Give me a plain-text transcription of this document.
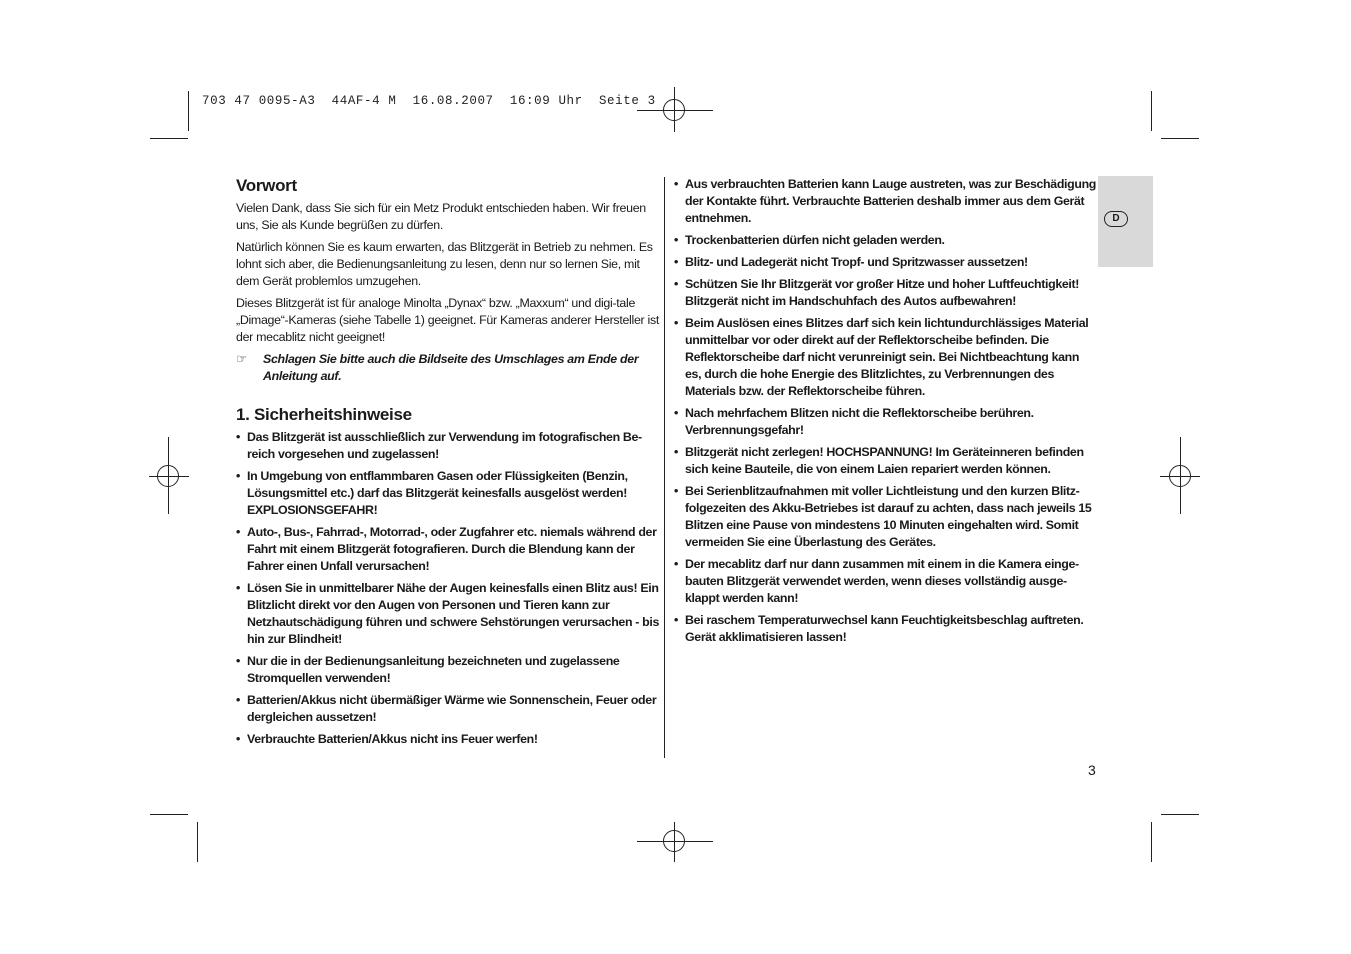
703 47 0095-A3  44AF-4 M  16.08.2007  16:09 Uhr  Seite 3
D
Vorwort

Vielen Dank, dass Sie sich für ein Metz Produkt entschieden haben. Wir freuen uns, Sie als Kunde begrüßen zu dürfen.

Natürlich können Sie es kaum erwarten, das Blitzgerät in Betrieb zu nehmen. Es lohnt sich aber, die Bedienungsanleitung zu lesen, denn nur so lernen Sie, mit dem Gerät problemlos umzugehen.

Dieses Blitzgerät ist für analoge Minolta „Dynax“ bzw. „Maxxum“ und digi-tale „Dimage“-Kameras (siehe Tabelle 1) geeignet. Für Kameras anderer Hersteller ist der mecablitz nicht geeignet!

☞	Schlagen Sie bitte auch die Bildseite des Umschlages am Ende der Anleitung auf.
1. Sicherheitshinweise
• Das Blitzgerät ist ausschließlich zur Verwendung im fotografischen Be-reich vorgesehen und zugelassen!
• In Umgebung von entflammbaren Gasen oder Flüssigkeiten (Benzin, Lösungsmittel etc.) darf das Blitzgerät keinesfalls ausgelöst werden! EXPLOSIONSGEFAHR!
• Auto-, Bus-, Fahrrad-, Motorrad-, oder Zugfahrer etc. niemals während der Fahrt mit einem Blitzgerät fotografieren. Durch die Blendung kann der Fahrer einen Unfall verursachen!
• Lösen Sie in unmittelbarer Nähe der Augen keinesfalls einen Blitz aus! Ein Blitzlicht direkt vor den Augen von Personen und Tieren kann zur Netzhautschädigung führen und schwere Sehstörungen verursachen - bis hin zur Blindheit!
• Nur die in der Bedienungsanleitung bezeichneten und zugelassene Stromquellen verwenden!
• Batterien/Akkus nicht übermäßiger Wärme wie Sonnenschein, Feuer oder dergleichen aussetzen!
• Verbrauchte Batterien/Akkus nicht ins Feuer werfen!
• Aus verbrauchten Batterien kann Lauge austreten, was zur Beschädigung der Kontakte führt. Verbrauchte Batterien deshalb immer aus dem Gerät entnehmen.
• Trockenbatterien dürfen nicht geladen werden.
• Blitz- und Ladegerät nicht Tropf- und Spritzwasser aussetzen!
• Schützen Sie Ihr Blitzgerät vor großer Hitze und hoher Luftfeuchtigkeit! Blitzgerät nicht im Handschuhfach des Autos aufbewahren!
• Beim Auslösen eines Blitzes darf sich kein lichtundurchlässiges Material unmittelbar vor oder direkt auf der Reflektorscheibe befinden. Die Reflektorscheibe darf nicht verunreinigt sein. Bei Nichtbeachtung kann es, durch die hohe Energie des Blitzlichtes, zu Verbrennungen des Materials bzw. der Reflektorscheibe führen.
• Nach mehrfachem Blitzen nicht die Reflektorscheibe berühren. Verbrennungsgefahr!
• Blitzgerät nicht zerlegen! HOCHSPANNUNG! Im Geräteinneren befinden sich keine Bauteile, die von einem Laien repariert werden können.
• Bei Serienblitzaufnahmen mit voller Lichtleistung und den kurzen Blitz-folgezeiten des Akku-Betriebes ist darauf zu achten, dass nach jeweils 15 Blitzen eine Pause von mindestens 10 Minuten eingehalten wird. Somit vermeiden Sie eine Überlastung des Gerätes.
• Der mecablitz darf nur dann zusammen mit einem in die Kamera einge-bauten Blitzgerät verwendet werden, wenn dieses vollständig ausge-klappt werden kann!
• Bei raschem Temperaturwechsel kann Feuchtigkeitsbeschlag auftreten. Gerät akklimatisieren lassen!
3
